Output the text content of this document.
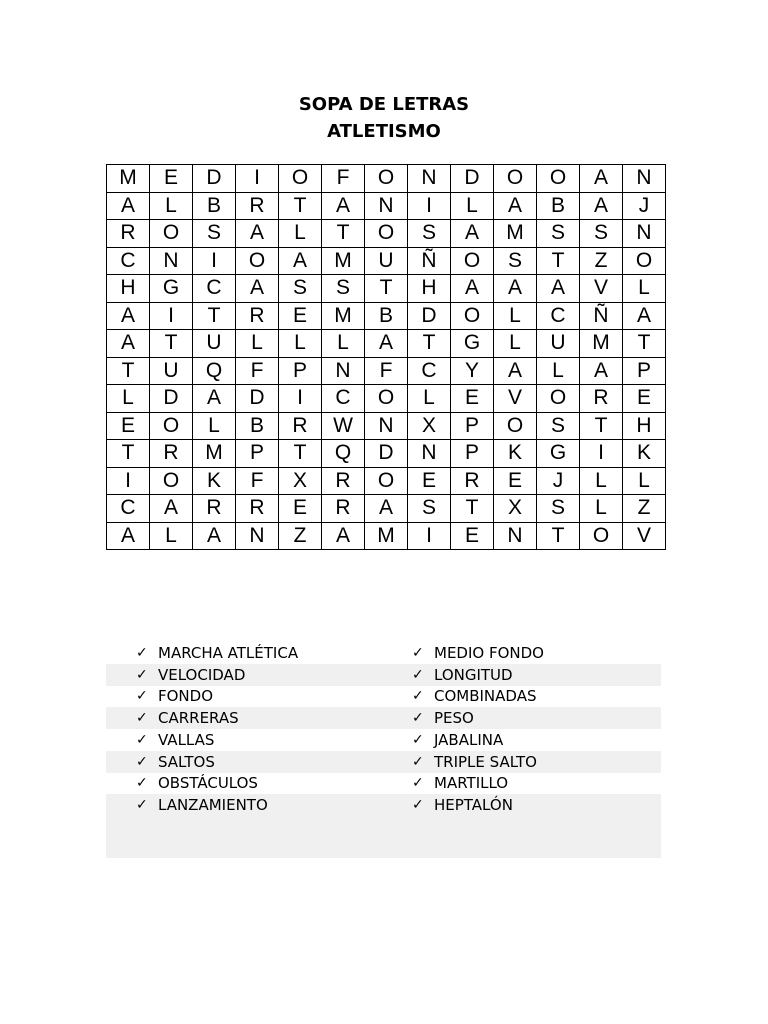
SOPA DE LETRAS
ATLETISMO
M	E	D	I	O	F	O	N	D	O	O	A	N
A	L	B	R	T	A	N	I	L	A	B	A	J
R	O	S	A	L	T	O	S	A	M	S	S	N
C	N	I	O	A	M	U	Ñ	O	S	T	Z	O
H	G	C	A	S	S	T	H	A	A	A	V	L
A	I	T	R	E	M	B	D	O	L	C	Ñ	A
A	T	U	L	L	L	A	T	G	L	U	M	T
T	U	Q	F	P	N	F	C	Y	A	L	A	P
L	D	A	D	I	C	O	L	E	V	O	R	E
E	O	L	B	R	W	N	X	P	O	S	T	H
T	R	M	P	T	Q	D	N	P	K	G	I	K
I	O	K	F	X	R	O	E	R	E	J	L	L
C	A	R	R	E	R	A	S	T	X	S	L	Z
A	L	A	N	Z	A	M	I	E	N	T	O	V
✓ MARCHA ATLÉTICA	✓ MEDIO FONDO
✓ VELOCIDAD	✓ LONGITUD
✓ FONDO	✓ COMBINADAS
✓ CARRERAS	✓ PESO
✓ VALLAS	✓ JABALINA
✓ SALTOS	✓ TRIPLE SALTO
✓ OBSTÁCULOS	✓ MARTILLO
✓ LANZAMIENTO	✓ HEPTALÓN
